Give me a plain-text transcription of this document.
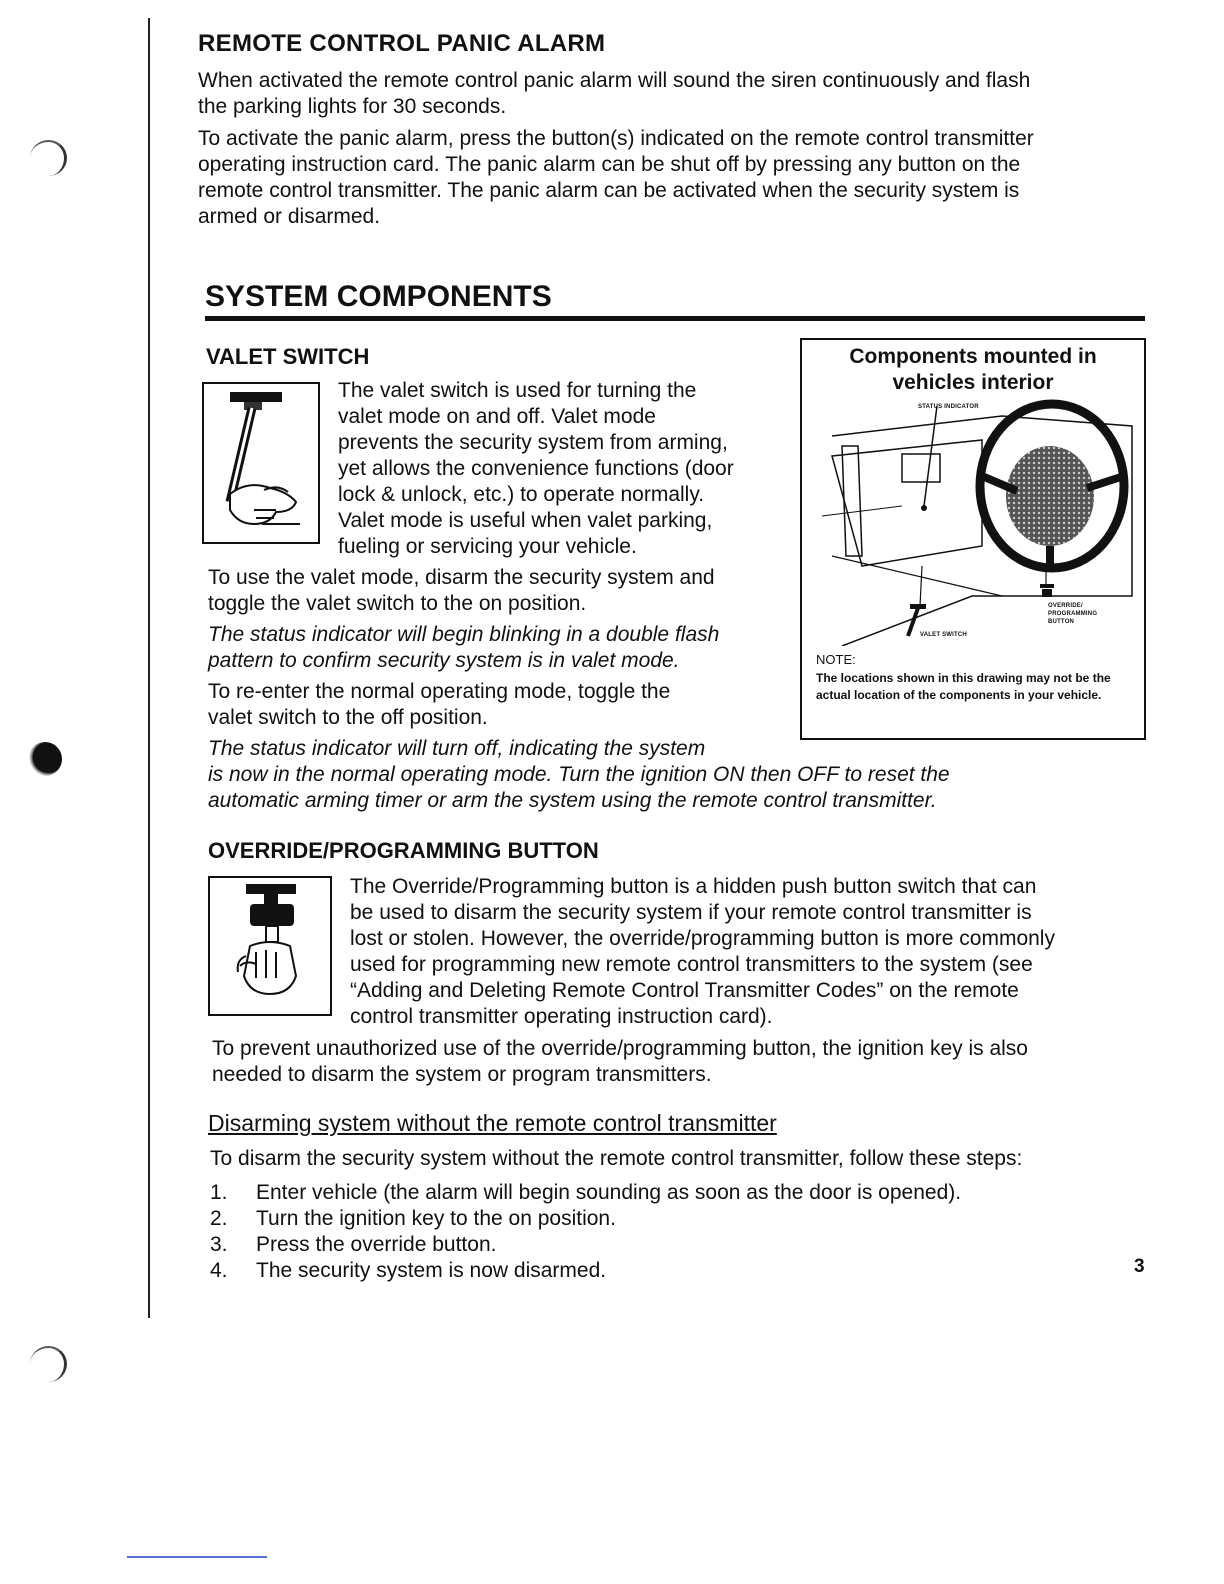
REMOTE CONTROL PANIC ALARM

When activated the remote control panic alarm will sound the siren continuously and flash

the parking lights for 30 seconds.

To activate the panic alarm, press the button(s) indicated on the remote control transmitter

operating instruction card. The panic alarm can be shut off by pressing any button on the

remote control transmitter. The panic alarm can be activated when the security system is

armed or disarmed.

SYSTEM COMPONENTS
VALET SWITCH

The valet switch is used for turning the

valet mode on and off. Valet mode

prevents the security system from arming,

yet allows the convenience functions (door

lock & unlock, etc.) to operate normally.

Valet mode is useful when valet parking,

fueling or servicing your vehicle.

To use the valet mode, disarm the security system and

toggle the valet switch to the on position.

The status indicator will begin blinking in a double flash

pattern to confirm security system is in valet mode.

To re-enter the normal operating mode, toggle the

valet switch to the off position.

The status indicator will turn off, indicating the system

is now in the normal operating mode. Turn the ignition ON then OFF to reset the

automatic arming timer or arm the system using the remote control transmitter.

Components mounted in
vehicles interior
STATUS INDICATOR
VALET SWITCH
OVERRIDE/
PROGRAMMING
BUTTON
NOTE:
The locations shown in this drawing may not be the actual location of the components in your vehicle.
OVERRIDE/PROGRAMMING BUTTON

The Override/Programming button is a hidden push button switch that can

be used to disarm the security system if your remote control transmitter is

lost or stolen. However, the override/programming button is more commonly

used for programming new remote control transmitters to the system (see

“Adding and Deleting Remote Control Transmitter Codes” on the remote

control transmitter operating instruction card).

To prevent unauthorized use of the override/programming button, the ignition key is also

needed to disarm the system or program transmitters.

Disarming system without the remote control transmitter

To disarm the security system without the remote control transmitter, follow these steps:

1.	Enter vehicle (the alarm will begin sounding as soon as the door is opened).
2.	Turn the ignition key to the on position.
3.	Press the override button.
4.	The security system is now disarmed.	3
